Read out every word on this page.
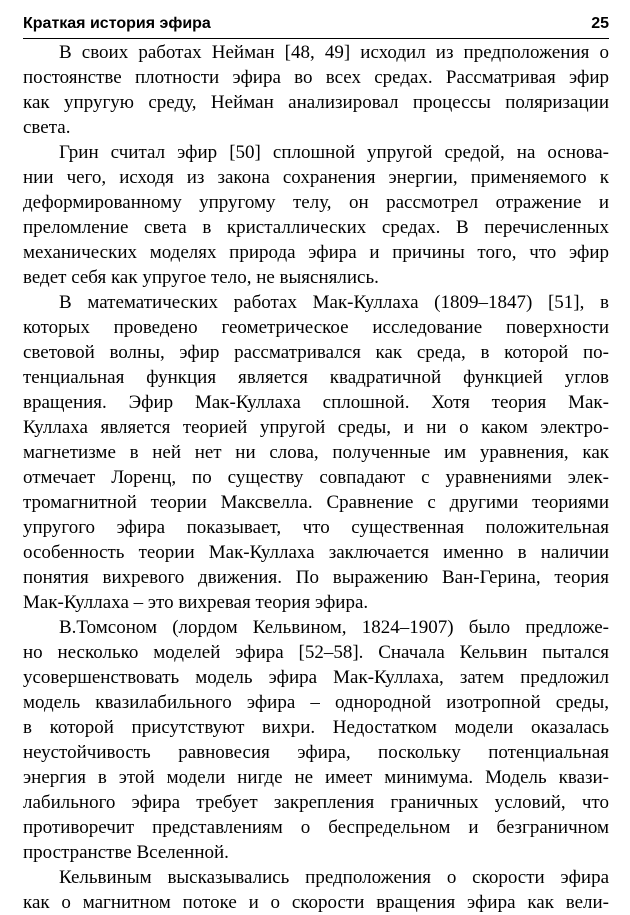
Краткая история эфира	25
В своих работах Нейман [48, 49] исходил из предположения о
постоянстве плотности эфира во всех средах. Рассматривая эфир
как упругую среду, Нейман анализировал процессы поляризации
света.
Грин считал эфир [50] сплошной упругой средой, на основа-
нии чего, исходя из закона сохранения энергии, применяемого к
деформированному упругому телу, он рассмотрел отражение и
преломление света в кристаллических средах. В перечисленных
механических моделях природа эфира и причины того, что эфир
ведет себя как упругое тело, не выяснялись.
В математических работах Мак-Куллаха (1809–1847) [51], в
которых проведено геометрическое исследование поверхности
световой волны, эфир рассматривался как среда, в которой по-
тенциальная функция является квадратичной функцией углов
вращения. Эфир Мак-Куллаха сплошной. Хотя теория Мак-
Куллаха является теорией упругой среды, и ни о каком электро-
магнетизме в ней нет ни слова, полученные им уравнения, как
отмечает Лоренц, по существу совпадают с уравнениями элек-
тромагнитной теории Максвелла. Сравнение с другими теориями
упругого эфира показывает, что существенная положительная
особенность теории Мак-Куллаха заключается именно в наличии
понятия вихревого движения. По выражению Ван-Герина, теория
Мак-Куллаха – это вихревая теория эфира.
В.Томсоном (лордом Кельвином, 1824–1907) было предложе-
но несколько моделей эфира [52–58]. Сначала Кельвин пытался
усовершенствовать модель эфира Мак-Куллаха, затем предложил
модель квазилабильного эфира – однородной изотропной среды,
в которой присутствуют вихри. Недостатком модели оказалась
неустойчивость равновесия эфира, поскольку потенциальная
энергия в этой модели нигде не имеет минимума. Модель квази-
лабильного эфира требует закрепления граничных условий, что
противоречит представлениям о беспредельном и безграничном
пространстве Вселенной.
Кельвиным высказывались предположения о скорости эфира
как о магнитном потоке и о скорости вращения эфира как вели-
